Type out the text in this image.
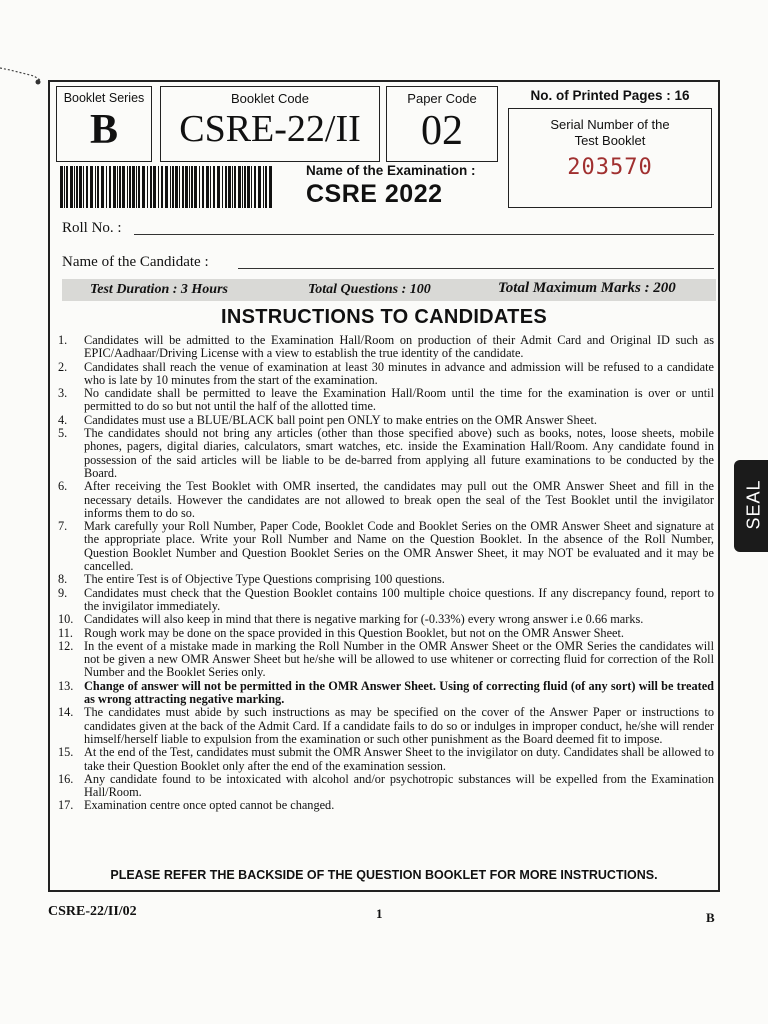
Booklet Series
B
Booklet Code
CSRE-22/II
Paper Code
02
No. of Printed Pages : 16
Serial Number of the Test Booklet
203570
Name of the Examination :
CSRE 2022
Roll No. :
Name of the Candidate :
Test Duration : 3 Hours	Total Questions : 100	Total Maximum Marks : 200
INSTRUCTIONS TO CANDIDATES
1. Candidates will be admitted to the Examination Hall/Room on production of their Admit Card and Original ID such as EPIC/Aadhaar/Driving License with a view to establish the true identity of the candidate.
2. Candidates shall reach the venue of examination at least 30 minutes in advance and admission will be refused to a candidate who is late by 10 minutes from the start of the examination.
3. No candidate shall be permitted to leave the Examination Hall/Room until the time for the examination is over or until permitted to do so but not until the half of the allotted time.
4. Candidates must use a BLUE/BLACK ball point pen ONLY to make entries on the OMR Answer Sheet.
5. The candidates should not bring any articles (other than those specified above) such as books, notes, loose sheets, mobile phones, pagers, digital diaries, calculators, smart watches, etc. inside the Examination Hall/Room. Any candidate found in possession of the said articles will be liable to be de-barred from applying all future examinations to be conducted by the Board.
6. After receiving the Test Booklet with OMR inserted, the candidates may pull out the OMR Answer Sheet and fill in the necessary details. However the candidates are not allowed to break open the seal of the Test Booklet until the invigilator informs them to do so.
7. Mark carefully your Roll Number, Paper Code, Booklet Code and Booklet Series on the OMR Answer Sheet and signature at the appropriate place. Write your Roll Number and Name on the Question Booklet. In the absence of the Roll Number, Question Booklet Number and Question Booklet Series on the OMR Answer Sheet, it may NOT be evaluated and it may be cancelled.
8. The entire Test is of Objective Type Questions comprising 100 questions.
9. Candidates must check that the Question Booklet contains 100 multiple choice questions. If any discrepancy found, report to the invigilator immediately.
10. Candidates will also keep in mind that there is negative marking for (-0.33%) every wrong answer i.e 0.66 marks.
11. Rough work may be done on the space provided in this Question Booklet, but not on the OMR Answer Sheet.
12. In the event of a mistake made in marking the Roll Number in the OMR Answer Sheet or the OMR Series the candidates will not be given a new OMR Answer Sheet but he/she will be allowed to use whitener or correcting fluid for correction of the Roll Number and the Booklet Series only.
13. Change of answer will not be permitted in the OMR Answer Sheet. Using of correcting fluid (of any sort) will be treated as wrong attracting negative marking.
14. The candidates must abide by such instructions as may be specified on the cover of the Answer Paper or instructions to candidates given at the back of the Admit Card. If a candidate fails to do so or indulges in improper conduct, he/she will render himself/herself liable to expulsion from the examination or such other punishment as the Board deemed fit to impose.
15. At the end of the Test, candidates must submit the OMR Answer Sheet to the invigilator on duty. Candidates shall be allowed to take their Question Booklet only after the end of the examination session.
16. Any candidate found to be intoxicated with alcohol and/or psychotropic substances will be expelled from the Examination Hall/Room.
17. Examination centre once opted cannot be changed.
PLEASE REFER THE BACKSIDE OF THE QUESTION BOOKLET FOR MORE INSTRUCTIONS.
CSRE-22/II/02	1	B
SEAL
